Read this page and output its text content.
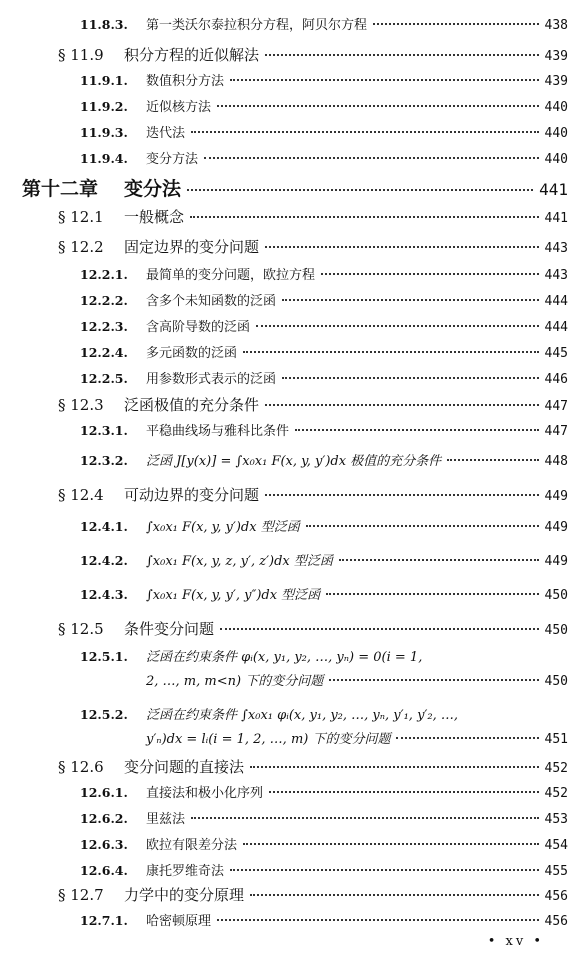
11.8.3.	第一类沃尔泰拉积分方程，阿贝尔方程	438
§ 11.9	积分方程的近似解法	439
11.9.1.	数值积分方法	439
11.9.2.	近似核方法	440
11.9.3.	迭代法	440
11.9.4.	变分方法	440
第十二章	变分法	441
§ 12.1	一般概念	441
§ 12.2	固定边界的变分问题	443
12.2.1.	最简单的变分问题，欧拉方程	443
12.2.2.	含多个未知函数的泛函	444
12.2.3.	含高阶导数的泛函	444
12.2.4.	多元函数的泛函	445
12.2.5.	用参数形式表示的泛函	446
§ 12.3	泛函极值的充分条件	447
12.3.1.	平稳曲线场与雅科比条件	447
12.3.2.	泛函 J[y(x)] = ∫x₀x₁ F(x, y, y′)dx 极值的充分条件	448
§ 12.4	可动边界的变分问题	449
12.4.1.	∫x₀x₁ F(x, y, y′)dx 型泛函	449
12.4.2.	∫x₀x₁ F(x, y, z, y′, z′)dx 型泛函	449
12.4.3.	∫x₀x₁ F(x, y, y′, y″)dx 型泛函	450
§ 12.5	条件变分问题	450
12.5.1.	泛函在约束条件 φᵢ(x, y₁, y₂, …, yₙ) = 0(i = 1,
2, …, m, m<n) 下的变分问题	450
12.5.2.	泛函在约束条件 ∫x₀x₁ φᵢ(x, y₁, y₂, …, yₙ, y′₁, y′₂, …,
y′ₙ)dx = lᵢ(i = 1, 2, …, m) 下的变分问题	451
§ 12.6	变分问题的直接法	452
12.6.1.	直接法和极小化序列	452
12.6.2.	里兹法	453
12.6.3.	欧拉有限差分法	454
12.6.4.	康托罗维奇法	455
§ 12.7	力学中的变分原理	456
12.7.1.	哈密顿原理	456
• xv •
